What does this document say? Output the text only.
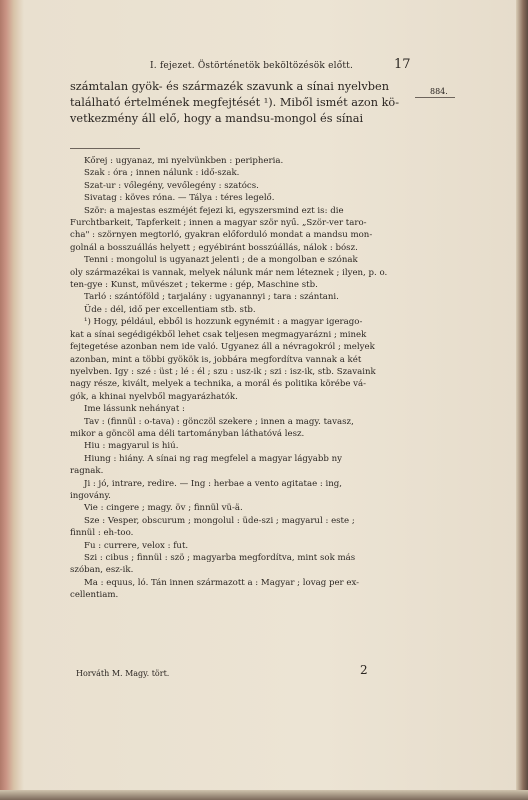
I. fejezet. Östörténetök beköltözésök előtt.	17
884.
számtalan gyök- és származék szavunk a sínai nyelvben
található értelmének megfejtését ¹). Miből ismét azon kö-
vetkezmény áll elő, hogy a mandsu-mongol és sínai
Kőrej : ugyanaz, mi nyelvünkben : peripheria.
Szak : óra ; innen nálunk : idő-szak.
Szat-ur : vőlegény, vevőlegény : szatócs.
Sivatag : köves róna. — Tálya : téres legelő.
Ször: a majestas eszméjét fejezi ki, egyszersmind ezt is: die
Furchtbarkeit, Tapferkeit ; innen a magyar ször nyű. „Ször-ver taro-
cha" : szörnyen megtorló, gyakran előforduló mondat a mandsu mon-
golnál a bosszuállás helyett ; egyébiránt bosszúállás, nálok : bósz.
Tenni : mongolul is ugyanazt jelenti ; de a mongolban e szónak
oly származékai is vannak, melyek nálunk már nem léteznek ; ilyen, p. o.
ten-gye : Kunst, müvészet ; tekerme : gép, Maschine stb.
Tarló : szántóföld ; tarjalány : ugyanannyi ; tara : szántani.
Üde : dél, idő per excellentiam stb. stb.
¹) Hogy, például, ebből is hozzunk egynémit : a magyar igerago-
kat a sínai segédigékből lehet csak teljesen megmagyarázni ; minek
fejtegetése azonban nem ide való. Ugyanez áll a névragokról ; melyek
azonban, mint a többi gyökök is, jobbára megfordítva vannak a két
nyelvben. Igy : szé : üst ; lé : él ; szu : usz-ik ; szi : isz-ik, stb. Szavaink
nagy része, kivált, melyek a technika, a morál és politika körébe vá-
gók, a khinai nyelvből magyarázhatók.
Ime lássunk nehányat :
Tav : (finnül : o-tava) : gönczöl szekere ; innen a magy. tavasz,
mikor a göncöl ama déli tartományban láthatóvá lesz.
Hiu : magyarul is hiú.
Hiung : hiány. A sínai ng rag megfelel a magyar lágyabb ny
ragnak.
Ji : jó, intrare, redire. — Ing : herbae a vento agitatae : ing,
ingovány.
Vie : cingere ; magy. öv ; finnül vü-ä.
Sze : Vesper, obscurum ; mongolul : üde-szi ; magyarul : este ;
finnül : eh-too.
Fu : currere, velox : fut.
Szi : cibus ; finnül : szö ; magyarba megfordítva, mint sok más
szóban, esz-ik.
Ma : equus, ló. Tán innen származott a : Magyar ; lovag per ex-
cellentiam.
Horváth M. Magy. tört.	2
